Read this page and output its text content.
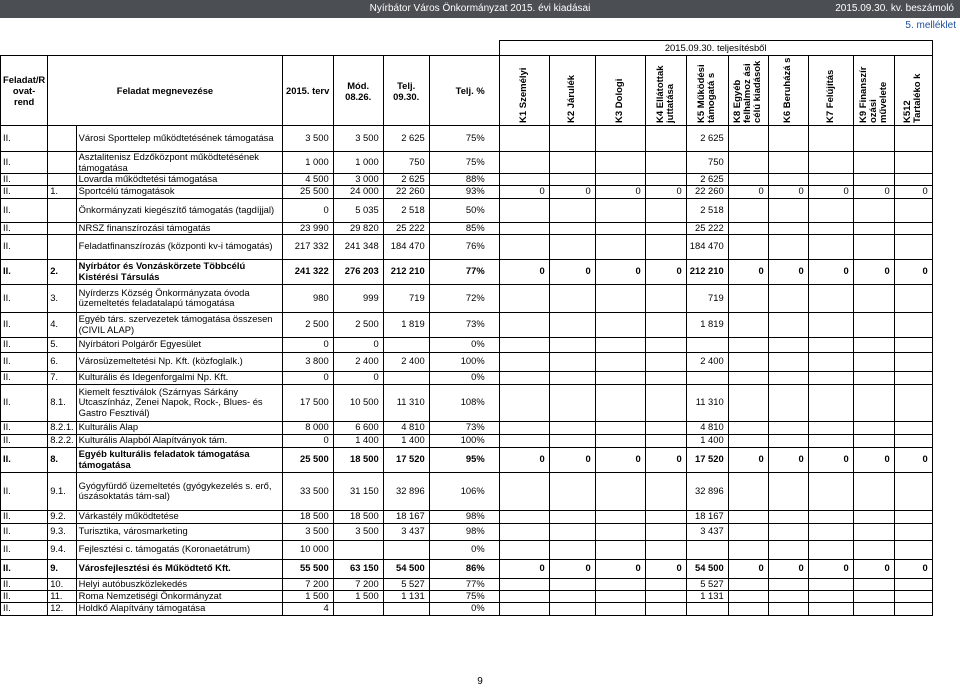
Nyírbátor Város Önkormányzat 2015. évi kiadásai	2015.09.30. kv. beszámoló
5. melléklet
							2015.09.30. teljesítésből									
Feladat/R ovat-rend	Feladat megnevezése		2015. terv	Mód. 08.26.	Telj. 09.30.	Telj. %	K1 Személyi	K2 Járulék	K3 Dologi	K4 Ellátottak juttatása	K5 Működési támogatá s	K8 Egyéb felhalmoz ási célú kiadások	K6 Beruházá s	K7 Felújítás	K9 Finanszír ozási művelete	K512 Tartaléko k

II.		Városi Sporttelep működtetésének támogatása	3 500	3 500	2 625	75%					2 625					
II.		Asztalitenisz Edzőközpont működtetésének támogatása	1 000	1 000	750	75%					750					
II.		Lovarda működtetési támogatása	4 500	3 000	2 625	88%					2 625					
II.	1.	Sportcélú támogatások	25 500	24 000	22 260	93%	0	0	0	0	22 260	0	0	0	0	0
II.		Önkormányzati kiegészítő támogatás (tagdíjjal)	0	5 035	2 518	50%					2 518					
II.		NRSZ finanszírozási támogatás	23 990	29 820	25 222	85%					25 222					
II.		Feladatfinanszírozás (központi kv-i támogatás)	217 332	241 348	184 470	76%					184 470					
II.	2.	Nyírbátor és Vonzáskörzete Többcélú Kistérési Társulás	241 322	276 203	212 210	77%	0	0	0	0	212 210	0	0	0	0	0
II.	3.	Nyírderzs Község Önkormányzata óvoda üzemeltetés feladatalapú támogatása	980	999	719	72%					719					
II.	4.	Egyéb társ. szervezetek támogatása összesen (CIVIL ALAP)	2 500	2 500	1 819	73%					1 819					
II.	5.	Nyírbátori Polgárőr Egyesület	0	0		0%										
II.	6.	Városüzemeltetési Np. Kft. (közfoglalk.)	3 800	2 400	2 400	100%					2 400					
II.	7.	Kulturális és Idegenforgalmi Np. Kft.	0	0		0%										
II.	8.1.	Kiemelt fesztiválok (Szárnyas Sárkány Utcaszínház, Zenei Napok, Rock-, Blues- és Gastro Fesztivál)	17 500	10 500	11 310	108%					11 310					
II.	8.2.1.	Kulturális Alap	8 000	6 600	4 810	73%					4 810					
II.	8.2.2.	Kulturális Alapból Alapítványok tám.	0	1 400	1 400	100%					1 400					
II.	8.	Egyéb kulturális feladatok támogatása támogatása	25 500	18 500	17 520	95%	0	0	0	0	17 520	0	0	0	0	0
II.	9.1.	Gyógyfürdő üzemeltetés (gyógykezelés s. erő, úszásoktatás tám-sal)	33 500	31 150	32 896	106%					32 896					
II.	9.2.	Várkastély működtetése	18 500	18 500	18 167	98%					18 167					
II.	9.3.	Turisztika, városmarketing	3 500	3 500	3 437	98%					3 437					
II.	9.4.	Fejlesztési c. támogatás (Koronaetátrum)	10 000			0%										
II.	9.	Városfejlesztési és Működtető Kft.	55 500	63 150	54 500	86%	0	0	0	0	54 500	0	0	0	0	0
II.	10.	Helyi autóbuszközlekedés	7 200	7 200	5 527	77%					5 527					
II.	11.	Roma Nemzetiségi Önkormányzat	1 500	1 500	1 131	75%					1 131					
II.	12.	Holdkő Alapítvány támogatása	4			0%										
9
